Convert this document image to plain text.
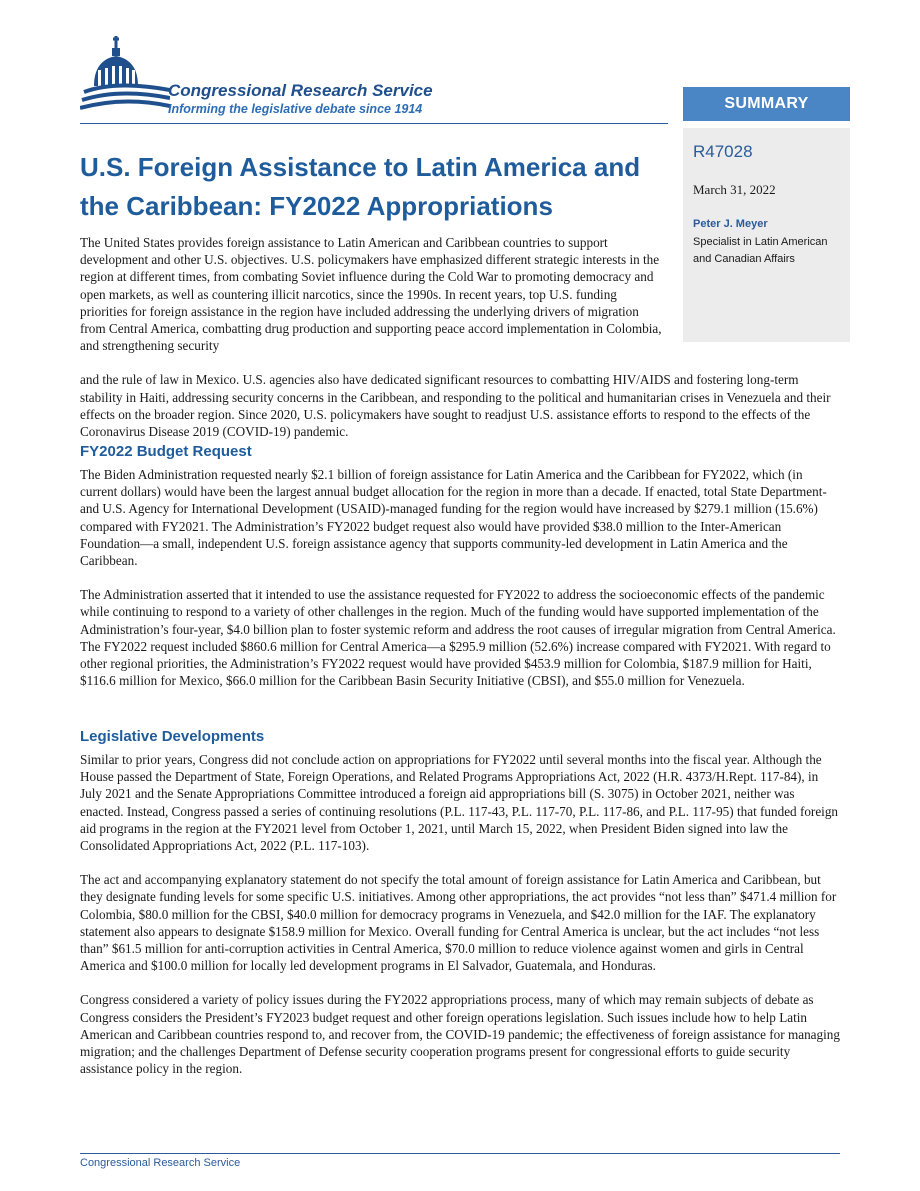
Congressional Research Service
Informing the legislative debate since 1914	SUMMARY
R47028
March 31, 2022
Peter J. Meyer
Specialist in Latin American and Canadian Affairs
U.S. Foreign Assistance to Latin America and the Caribbean: FY2022 Appropriations

The United States provides foreign assistance to Latin American and Caribbean countries to support development and other U.S. objectives. U.S. policymakers have emphasized different strategic interests in the region at different times, from combating Soviet influence during the Cold War to promoting democracy and open markets, as well as countering illicit narcotics, since the 1990s. In recent years, top U.S. funding priorities for foreign assistance in the region have included addressing the underlying drivers of migration from Central America, combatting drug production and supporting peace accord implementation in Colombia, and strengthening security

and the rule of law in Mexico. U.S. agencies also have dedicated significant resources to combatting HIV/AIDS and fostering long-term stability in Haiti, addressing security concerns in the Caribbean, and responding to the political and humanitarian crises in Venezuela and their effects on the broader region. Since 2020, U.S. policymakers have sought to readjust U.S. assistance efforts to respond to the effects of the Coronavirus Disease 2019 (COVID-19) pandemic.

FY2022 Budget Request

The Biden Administration requested nearly $2.1 billion of foreign assistance for Latin America and the Caribbean for FY2022, which (in current dollars) would have been the largest annual budget allocation for the region in more than a decade. If enacted, total State Department- and U.S. Agency for International Development (USAID)-managed funding for the region would have increased by $279.1 million (15.6%) compared with FY2021. The Administration’s FY2022 budget request also would have provided $38.0 million to the Inter-American Foundation—a small, independent U.S. foreign assistance agency that supports community-led development in Latin America and the Caribbean.

The Administration asserted that it intended to use the assistance requested for FY2022 to address the socioeconomic effects of the pandemic while continuing to respond to a variety of other challenges in the region. Much of the funding would have supported implementation of the Administration’s four-year, $4.0 billion plan to foster systemic reform and address the root causes of irregular migration from Central America. The FY2022 request included $860.6 million for Central America—a $295.9 million (52.6%) increase compared with FY2021. With regard to other regional priorities, the Administration’s FY2022 request would have provided $453.9 million for Colombia, $187.9 million for Haiti, $116.6 million for Mexico, $66.0 million for the Caribbean Basin Security Initiative (CBSI), and $55.0 million for Venezuela.

Legislative Developments

Similar to prior years, Congress did not conclude action on appropriations for FY2022 until several months into the fiscal year. Although the House passed the Department of State, Foreign Operations, and Related Programs Appropriations Act, 2022 (H.R. 4373/H.Rept. 117-84), in July 2021 and the Senate Appropriations Committee introduced a foreign aid appropriations bill (S. 3075) in October 2021, neither was enacted. Instead, Congress passed a series of continuing resolutions (P.L. 117-43, P.L. 117-70, P.L. 117-86, and P.L. 117-95) that funded foreign aid programs in the region at the FY2021 level from October 1, 2021, until March 15, 2022, when President Biden signed into law the Consolidated Appropriations Act, 2022 (P.L. 117-103).

The act and accompanying explanatory statement do not specify the total amount of foreign assistance for Latin America and Caribbean, but they designate funding levels for some specific U.S. initiatives. Among other appropriations, the act provides “not less than” $471.4 million for Colombia, $80.0 million for the CBSI, $40.0 million for democracy programs in Venezuela, and $42.0 million for the IAF. The explanatory statement also appears to designate $158.9 million for Mexico. Overall funding for Central America is unclear, but the act includes “not less than” $61.5 million for anti-corruption activities in Central America, $70.0 million to reduce violence against women and girls in Central America and $100.0 million for locally led development programs in El Salvador, Guatemala, and Honduras.

Congress considered a variety of policy issues during the FY2022 appropriations process, many of which may remain subjects of debate as Congress considers the President’s FY2023 budget request and other foreign operations legislation. Such issues include how to help Latin American and Caribbean countries respond to, and recover from, the COVID-19 pandemic; the effectiveness of foreign assistance for managing migration; and the challenges Department of Defense security cooperation programs present for congressional efforts to guide security assistance policy in the region.

Congressional Research Service
